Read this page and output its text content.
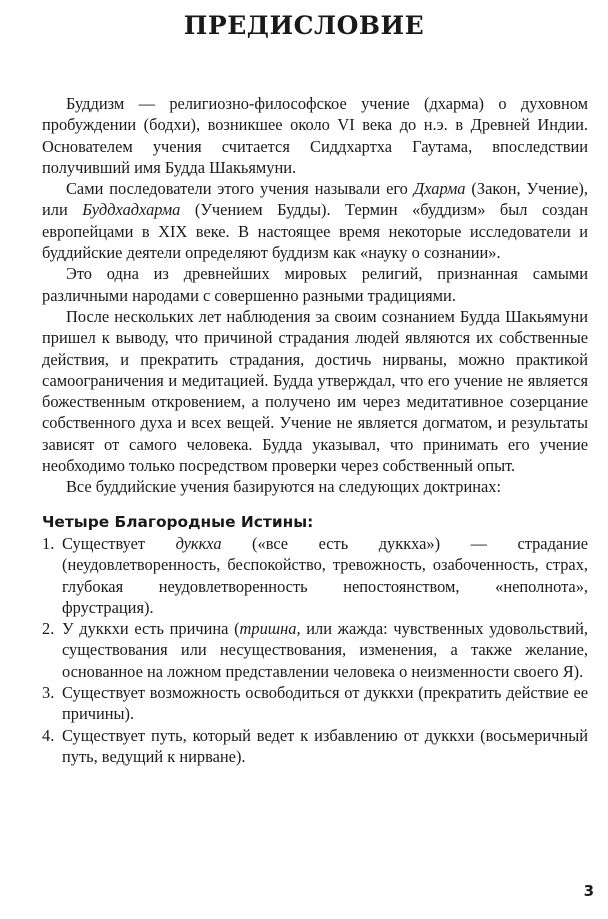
ПРЕДИСЛОВИЕ

Буддизм — религиозно-философское учение (дхарма) о духовном пробуждении (бодхи), возникшее около VI века до н.э. в Древней Индии. Основателем учения считается Сиддхартха Гаутама, впоследствии получивший имя Будда Шакьямуни.

Сами последователи этого учения называли его Дхарма (Закон, Учение), или Буддхадхарма (Учением Будды). Термин «буддизм» был создан европейцами в XIX веке. В настоящее время некоторые исследователи и буддийские деятели определяют буддизм как «науку о сознании».

Это одна из древнейших мировых религий, признанная самыми различными народами с совершенно разными традициями.

После нескольких лет наблюдения за своим сознанием Будда Шакьямуни пришел к выводу, что причиной страдания людей являются их собственные действия, и прекратить страдания, достичь нирваны, можно практикой самоограничения и медитацией. Будда утверждал, что его учение не является божественным откровением, а получено им через медитативное созерцание собственного духа и всех вещей. Учение не является догматом, и результаты зависят от самого человека. Будда указывал, что принимать его учение необходимо только посредством проверки через собственный опыт.

Все буддийские учения базируются на следующих доктринах:

Четыре Благородные Истины:
1. Существует дуккха («все есть дуккха») — страдание (неудовлетворенность, беспокойство, тревожность, озабоченность, страх, глубокая неудовлетворенность непостоянством, «неполнота», фрустрация).
2. У дуккхи есть причина (тришна, или жажда: чувственных удовольствий, существования или несуществования, изменения, а также желание, основанное на ложном представлении человека о неизменности своего Я).
3. Существует возможность освободиться от дуккхи (прекратить действие ее причины).
4. Существует путь, который ведет к избавлению от дуккхи (восьмеричный путь, ведущий к нирване).
3
